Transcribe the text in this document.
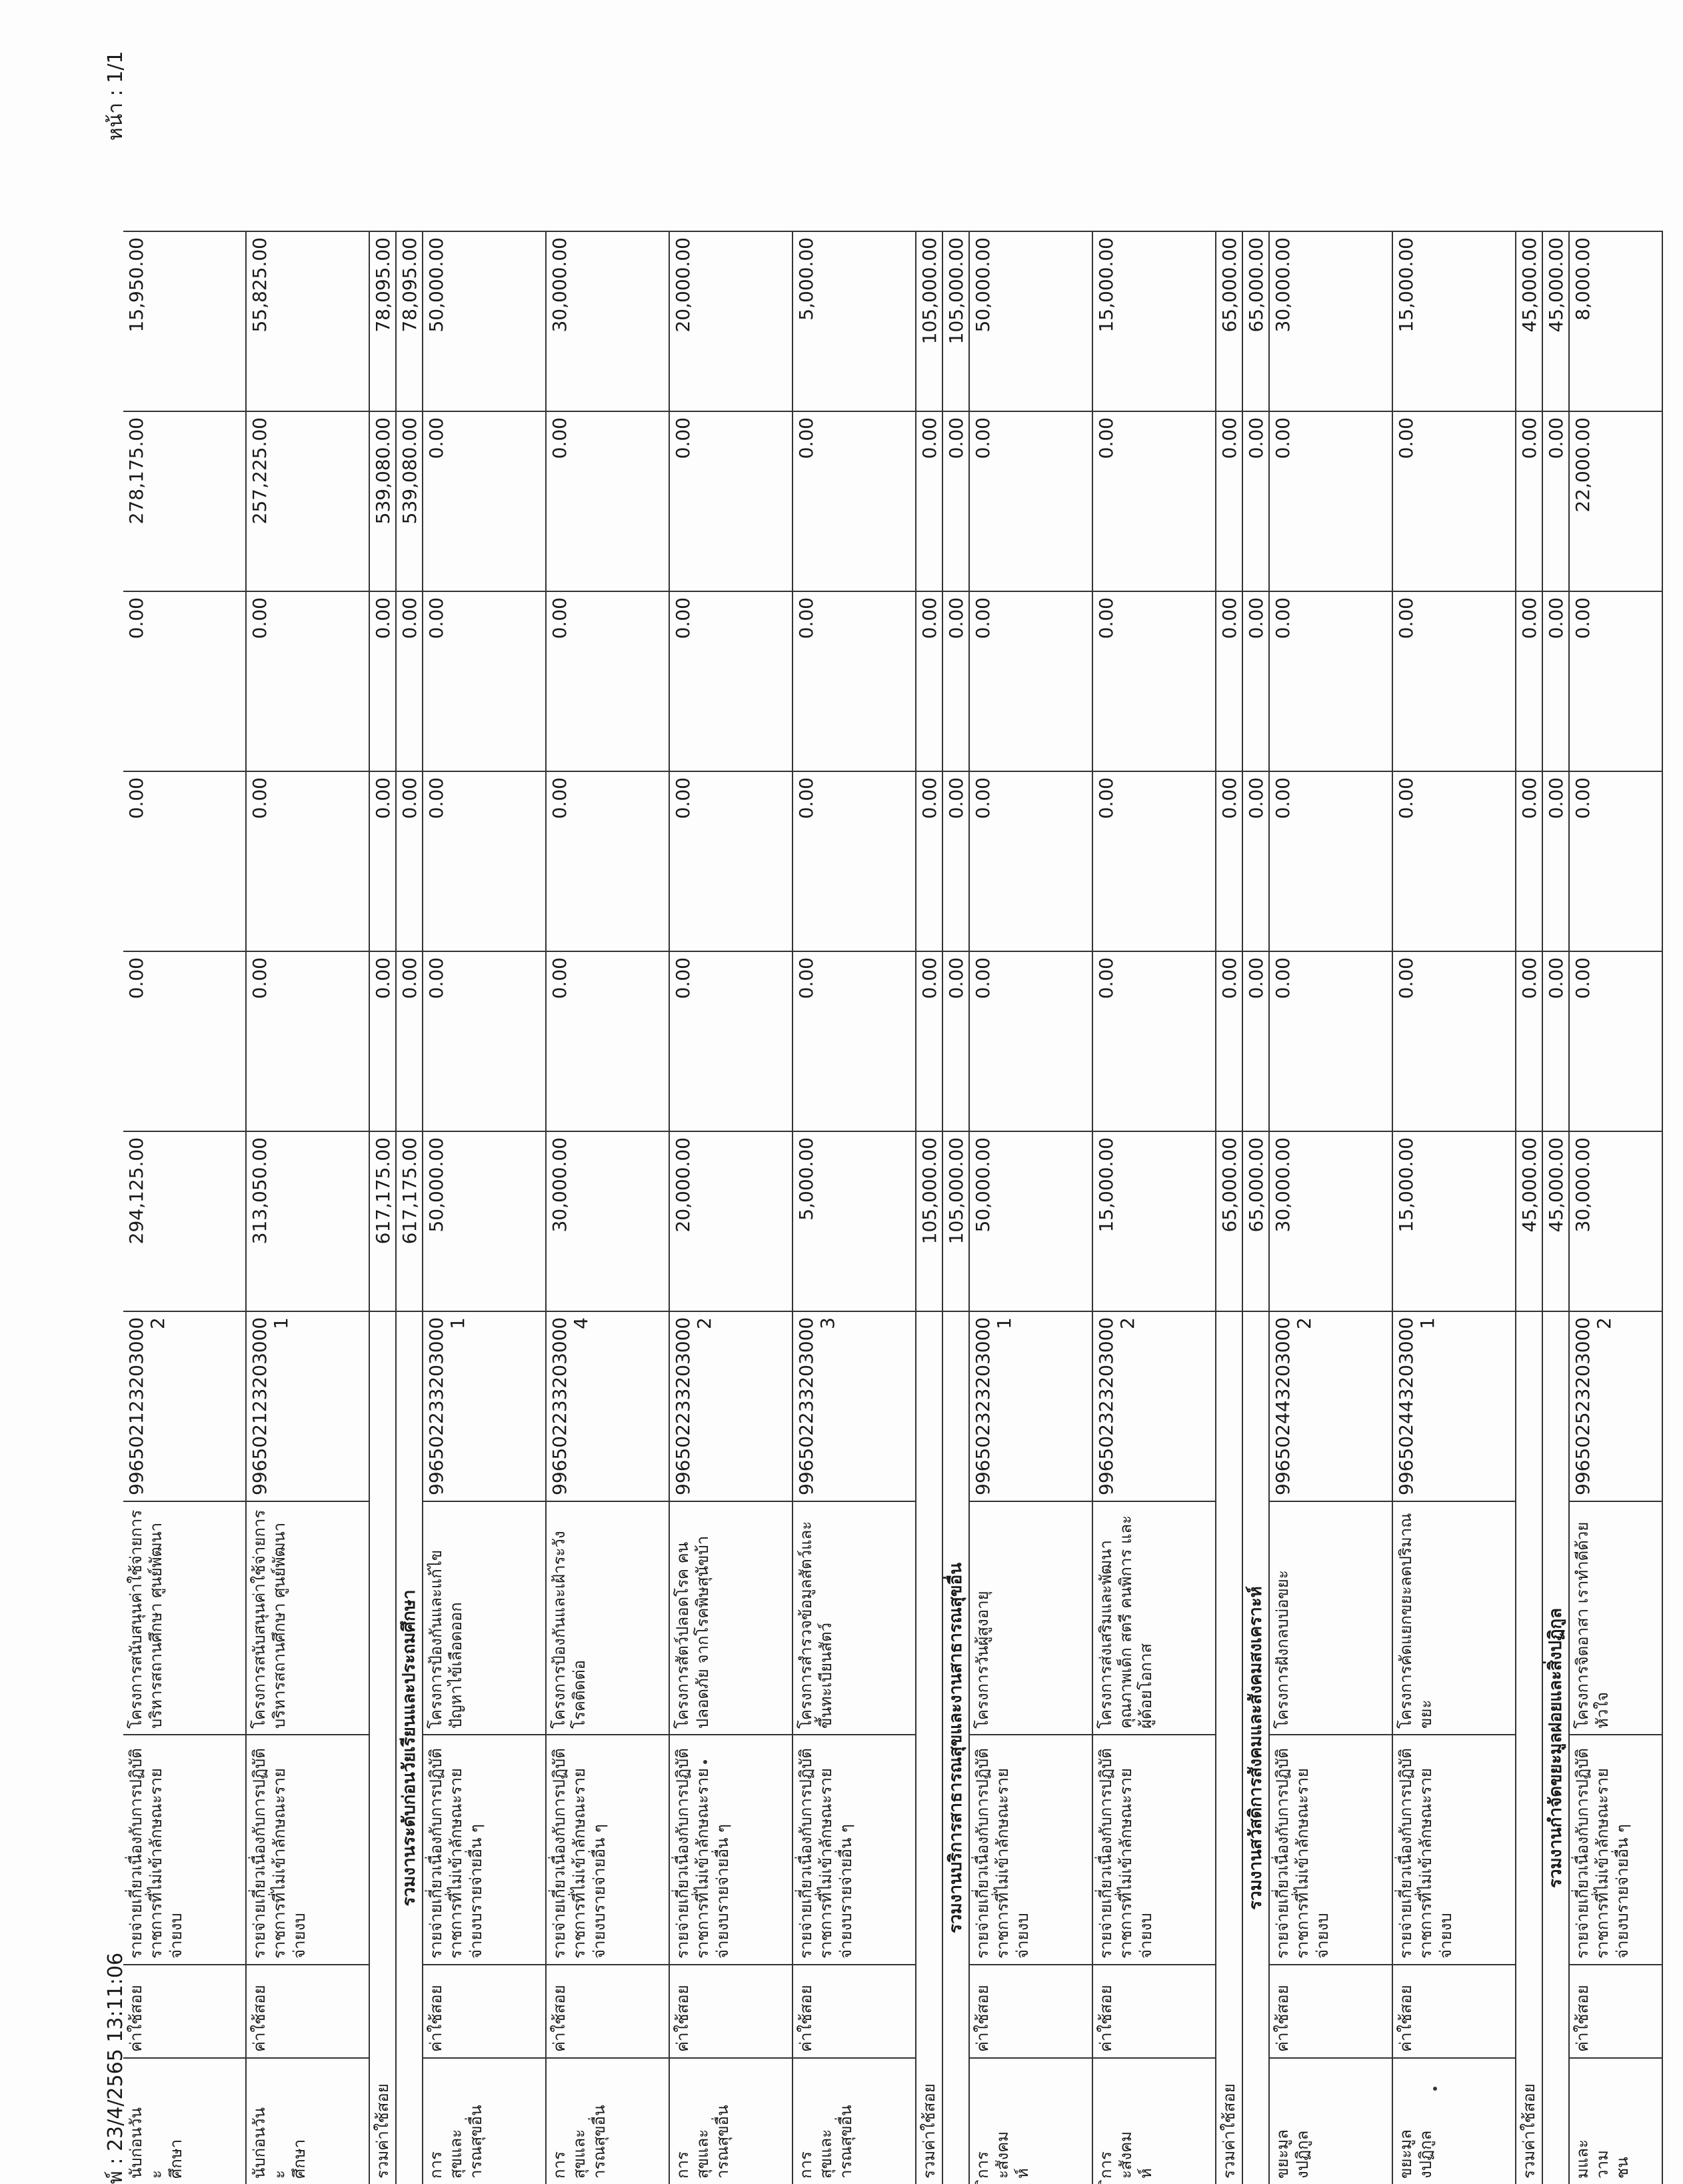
พ์ : 23/4/2565 13:11:06
หน้า : 1/1
นับก่อนวัน
ะ
ศึกษา
ค่าใช้สอย
รายจ่ายเกี่ยวเนื่องกับการปฏิบัติราชการที่ไม่เข้าลักษณะรายจ่ายงบ
โครงการสนับสนุนค่าใช้จ่ายการบริหารสถานศึกษา ศูนย์พัฒนา
996502123203000 2
294,125.00
0.00
0.00
0.00
278,175.00
15,950.00
นับก่อนวัน
ะ
ศึกษา
ค่าใช้สอย
รายจ่ายเกี่ยวเนื่องกับการปฏิบัติราชการที่ไม่เข้าลักษณะรายจ่ายงบ
โครงการสนับสนุนค่าใช้จ่ายการบริหารสถานศึกษา ศูนย์พัฒนา
996502123203000 1
313,050.00
0.00
0.00
0.00
257,225.00
55,825.00
รวมค่าใช้สอย
617,175.00
0.00
0.00
0.00
539,080.00
78,095.00
รวมงานระดับก่อนวัยเรียนและประถมศึกษา
617,175.00
0.00
0.00
0.00
539,080.00
78,095.00
การ
สุขและ
ารณสุขอื่น
ค่าใช้สอย
รายจ่ายเกี่ยวเนื่องกับการปฏิบัติราชการที่ไม่เข้าลักษณะรายจ่ายงบรายจ่ายอื่น ๆ
โครงการป้องกันและแก้ไขปัญหาไข้เลือดออก
996502233203000 1
50,000.00
0.00
0.00
0.00
0.00
50,000.00
การ
สุขและ
ารณสุขอื่น
ค่าใช้สอย
รายจ่ายเกี่ยวเนื่องกับการปฏิบัติราชการที่ไม่เข้าลักษณะรายจ่ายงบรายจ่ายอื่น ๆ
โครงการป้องกันและเฝ้าระวังโรคติดต่อ
996502233203000 4
30,000.00
0.00
0.00
0.00
0.00
30,000.00
การ
สุขและ
ารณสุขอื่น
ค่าใช้สอย
รายจ่ายเกี่ยวเนื่องกับการปฏิบัติราชการที่ไม่เข้าลักษณะรายจ่ายงบรายจ่ายอื่น ๆ
โครงการสัตว์ปลอดโรค คนปลอดภัย จากโรคพิษสุนัขบ้า
996502233203000 2
20,000.00
0.00
0.00
0.00
0.00
20,000.00
การ
สุขและ
ารณสุขอื่น
ค่าใช้สอย
รายจ่ายเกี่ยวเนื่องกับการปฏิบัติราชการที่ไม่เข้าลักษณะรายจ่ายงบรายจ่ายอื่น ๆ
โครงการสำรวจข้อมูลสัตว์และขึ้นทะเบียนสัตว์
996502233203000 3
5,000.00
0.00
0.00
0.00
0.00
5,000.00
รวมค่าใช้สอย
105,000.00
0.00
0.00
0.00
0.00
105,000.00
รวมงานบริการสาธารณสุขและงานสาธารณสุขอื่น
105,000.00
0.00
0.00
0.00
0.00
105,000.00
ิการ
ะสังคม
ห์
ค่าใช้สอย
รายจ่ายเกี่ยวเนื่องกับการปฏิบัติราชการที่ไม่เข้าลักษณะรายจ่ายงบ
โครงการวันผู้สูงอายุ
996502323203000 1
50,000.00
0.00
0.00
0.00
0.00
50,000.00
ิการ
ะสังคม
ห์
ค่าใช้สอย
รายจ่ายเกี่ยวเนื่องกับการปฏิบัติราชการที่ไม่เข้าลักษณะรายจ่ายงบ
โครงการส่งเสริมและพัฒนาคุณภาพเด็ก สตรี คนพิการ และผู้ด้อยโอกาส
996502323203000 2
15,000.00
0.00
0.00
0.00
0.00
15,000.00
รวมค่าใช้สอย
65,000.00
0.00
0.00
0.00
0.00
65,000.00
รวมงานสวัสดิการสังคมและสังคมสงเคราะห์
65,000.00
0.00
0.00
0.00
0.00
65,000.00
ขยะมูล
งปฏิกูล
ค่าใช้สอย
รายจ่ายเกี่ยวเนื่องกับการปฏิบัติราชการที่ไม่เข้าลักษณะรายจ่ายงบ
โครงการฝังกลบบ่อขยะ
996502443203000 2
30,000.00
0.00
0.00
0.00
0.00
30,000.00
ขยะมูล
งปฏิกูล
ค่าใช้สอย
รายจ่ายเกี่ยวเนื่องกับการปฏิบัติราชการที่ไม่เข้าลักษณะรายจ่ายงบ
โครงการคัดแยกขยะลดปริมาณขยะ
996502443203000 1
15,000.00
0.00
0.00
0.00
0.00
15,000.00
รวมค่าใช้สอย
45,000.00
0.00
0.00
0.00
0.00
45,000.00
รวมงานกำจัดขยะมูลฝอยและสิ่งปฏิกูล
45,000.00
0.00
0.00
0.00
0.00
45,000.00
มและ
วาม
ชน
ค่าใช้สอย
รายจ่ายเกี่ยวเนื่องกับการปฏิบัติราชการที่ไม่เข้าลักษณะรายจ่ายงบรายจ่ายอื่น ๆ
โครงการจิตอาสา เราทำดีด้วยหัวใจ
996502523203000 2
30,000.00
0.00
0.00
0.00
22,000.00
8,000.00
